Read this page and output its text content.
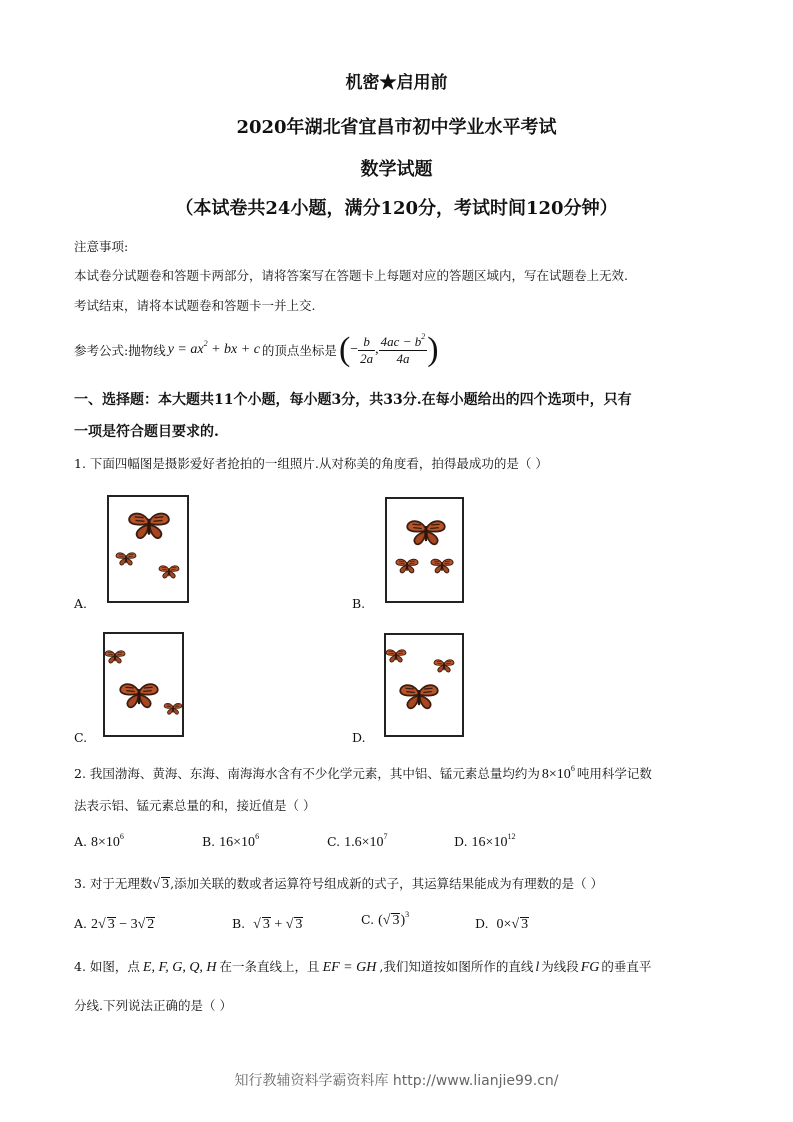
机密★启用前
2020年湖北省宜昌市初中学业水平考试
数学试题
（本试卷共24小题，满分120分，考试时间120分钟）
注意事项:
本试卷分试题卷和答题卡两部分，请将答案写在答题卡上每题对应的答题区域内，写在试题卷上无效.
考试结束，请将本试题卷和答题卡一并上交.
参考公式:抛物线 $y = ax^2$ + bx + c 的顶点坐标是 ( − $\frac{b}{2a}$ , $\frac{4ac - b^2}{4a}$ )
一、选择题：本大题共11个小题，每小题3分，共33分.在每小题给出的四个选项中，只有
一项是符合题目要求的.
1. 下面四幅图是摄影爱好者抢拍的一组照片.从对称美的角度看，拍得最成功的是（ ）
A.	B.
C.	D.
2. 我国渤海、黄海、东海、南海海水含有不少化学元素，其中铝、锰元素总量均约为 $8\times 10^6$ 吨用科学记数
法表示铝、锰元素总量的和，接近值是（ ）
A. $8\times 10^6$	B. $16\times 10^6$	C. $1.6\times 10^7$	D. $16\times 10^{12}$
3. 对于无理数 √ 3 ,添加关联的数或者运算符号组成新的式子，其运算结果能成为有理数的是（ ）
A. 2√ 3 − 3√ 2	B. √ 3 + √ 3	C. (√ 3)$^3$
D. 0×√ 3
4. 如图，点 E, F, G, Q, H 在一条直线上，且 EF = GH ,我们知道按如图所作的直线 l 为线段 FG 的垂直平
分线.下列说法正确的是（ ）
知行教辅资料学霸资料库 http://www.lianjie99.cn/
